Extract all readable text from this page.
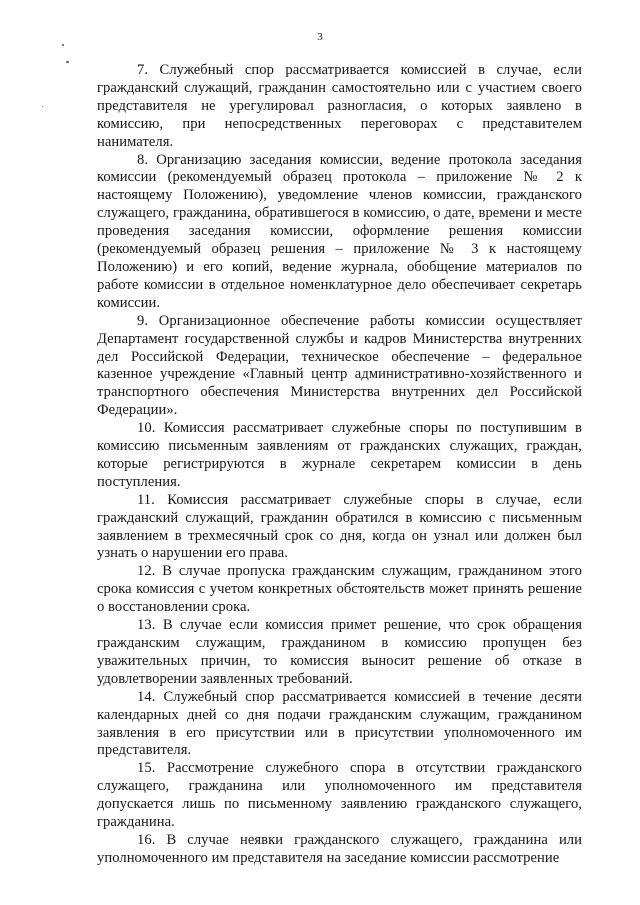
3

7. Служебный спор рассматривается комиссией в случае, если гражданский служащий, гражданин самостоятельно или с участием своего представителя не урегулировал разногласия, о которых заявлено в комиссию, при непосредственных переговорах с представителем нанимателя.

8. Организацию заседания комиссии, ведение протокола заседания комиссии (рекомендуемый образец протокола – приложение № 2 к настоящему Положению), уведомление членов комиссии, гражданского служащего, гражданина, обратившегося в комиссию, о дате, времени и месте проведения заседания комиссии, оформление решения комиссии (рекомендуемый образец решения – приложение № 3 к настоящему Положению) и его копий, ведение журнала, обобщение материалов по работе комиссии в отдельное номенклатурное дело обеспечивает секретарь комиссии.

9. Организационное обеспечение работы комиссии осуществляет Департамент государственной службы и кадров Министерства внутренних дел Российской Федерации, техническое обеспечение – федеральное казенное учреждение «Главный центр административно-хозяйственного и транспортного обеспечения Министерства внутренних дел Российской Федерации».

10. Комиссия рассматривает служебные споры по поступившим в комиссию письменным заявлениям от гражданских служащих, граждан, которые регистрируются в журнале секретарем комиссии в день поступления.

11. Комиссия рассматривает служебные споры в случае, если гражданский служащий, гражданин обратился в комиссию с письменным заявлением в трехмесячный срок со дня, когда он узнал или должен был узнать о нарушении его права.

12. В случае пропуска гражданским служащим, гражданином этого срока комиссия с учетом конкретных обстоятельств может принять решение о восстановлении срока.

13. В случае если комиссия примет решение, что срок обращения гражданским служащим, гражданином в комиссию пропущен без уважительных причин, то комиссия выносит решение об отказе в удовлетворении заявленных требований.

14. Служебный спор рассматривается комиссией в течение десяти календарных дней со дня подачи гражданским служащим, гражданином заявления в его присутствии или в присутствии уполномоченного им представителя.

15. Рассмотрение служебного спора в отсутствии гражданского служащего, гражданина или уполномоченного им представителя допускается лишь по письменному заявлению гражданского служащего, гражданина.

16. В случае неявки гражданского служащего, гражданина или уполномоченного им представителя на заседание комиссии рассмотрение
